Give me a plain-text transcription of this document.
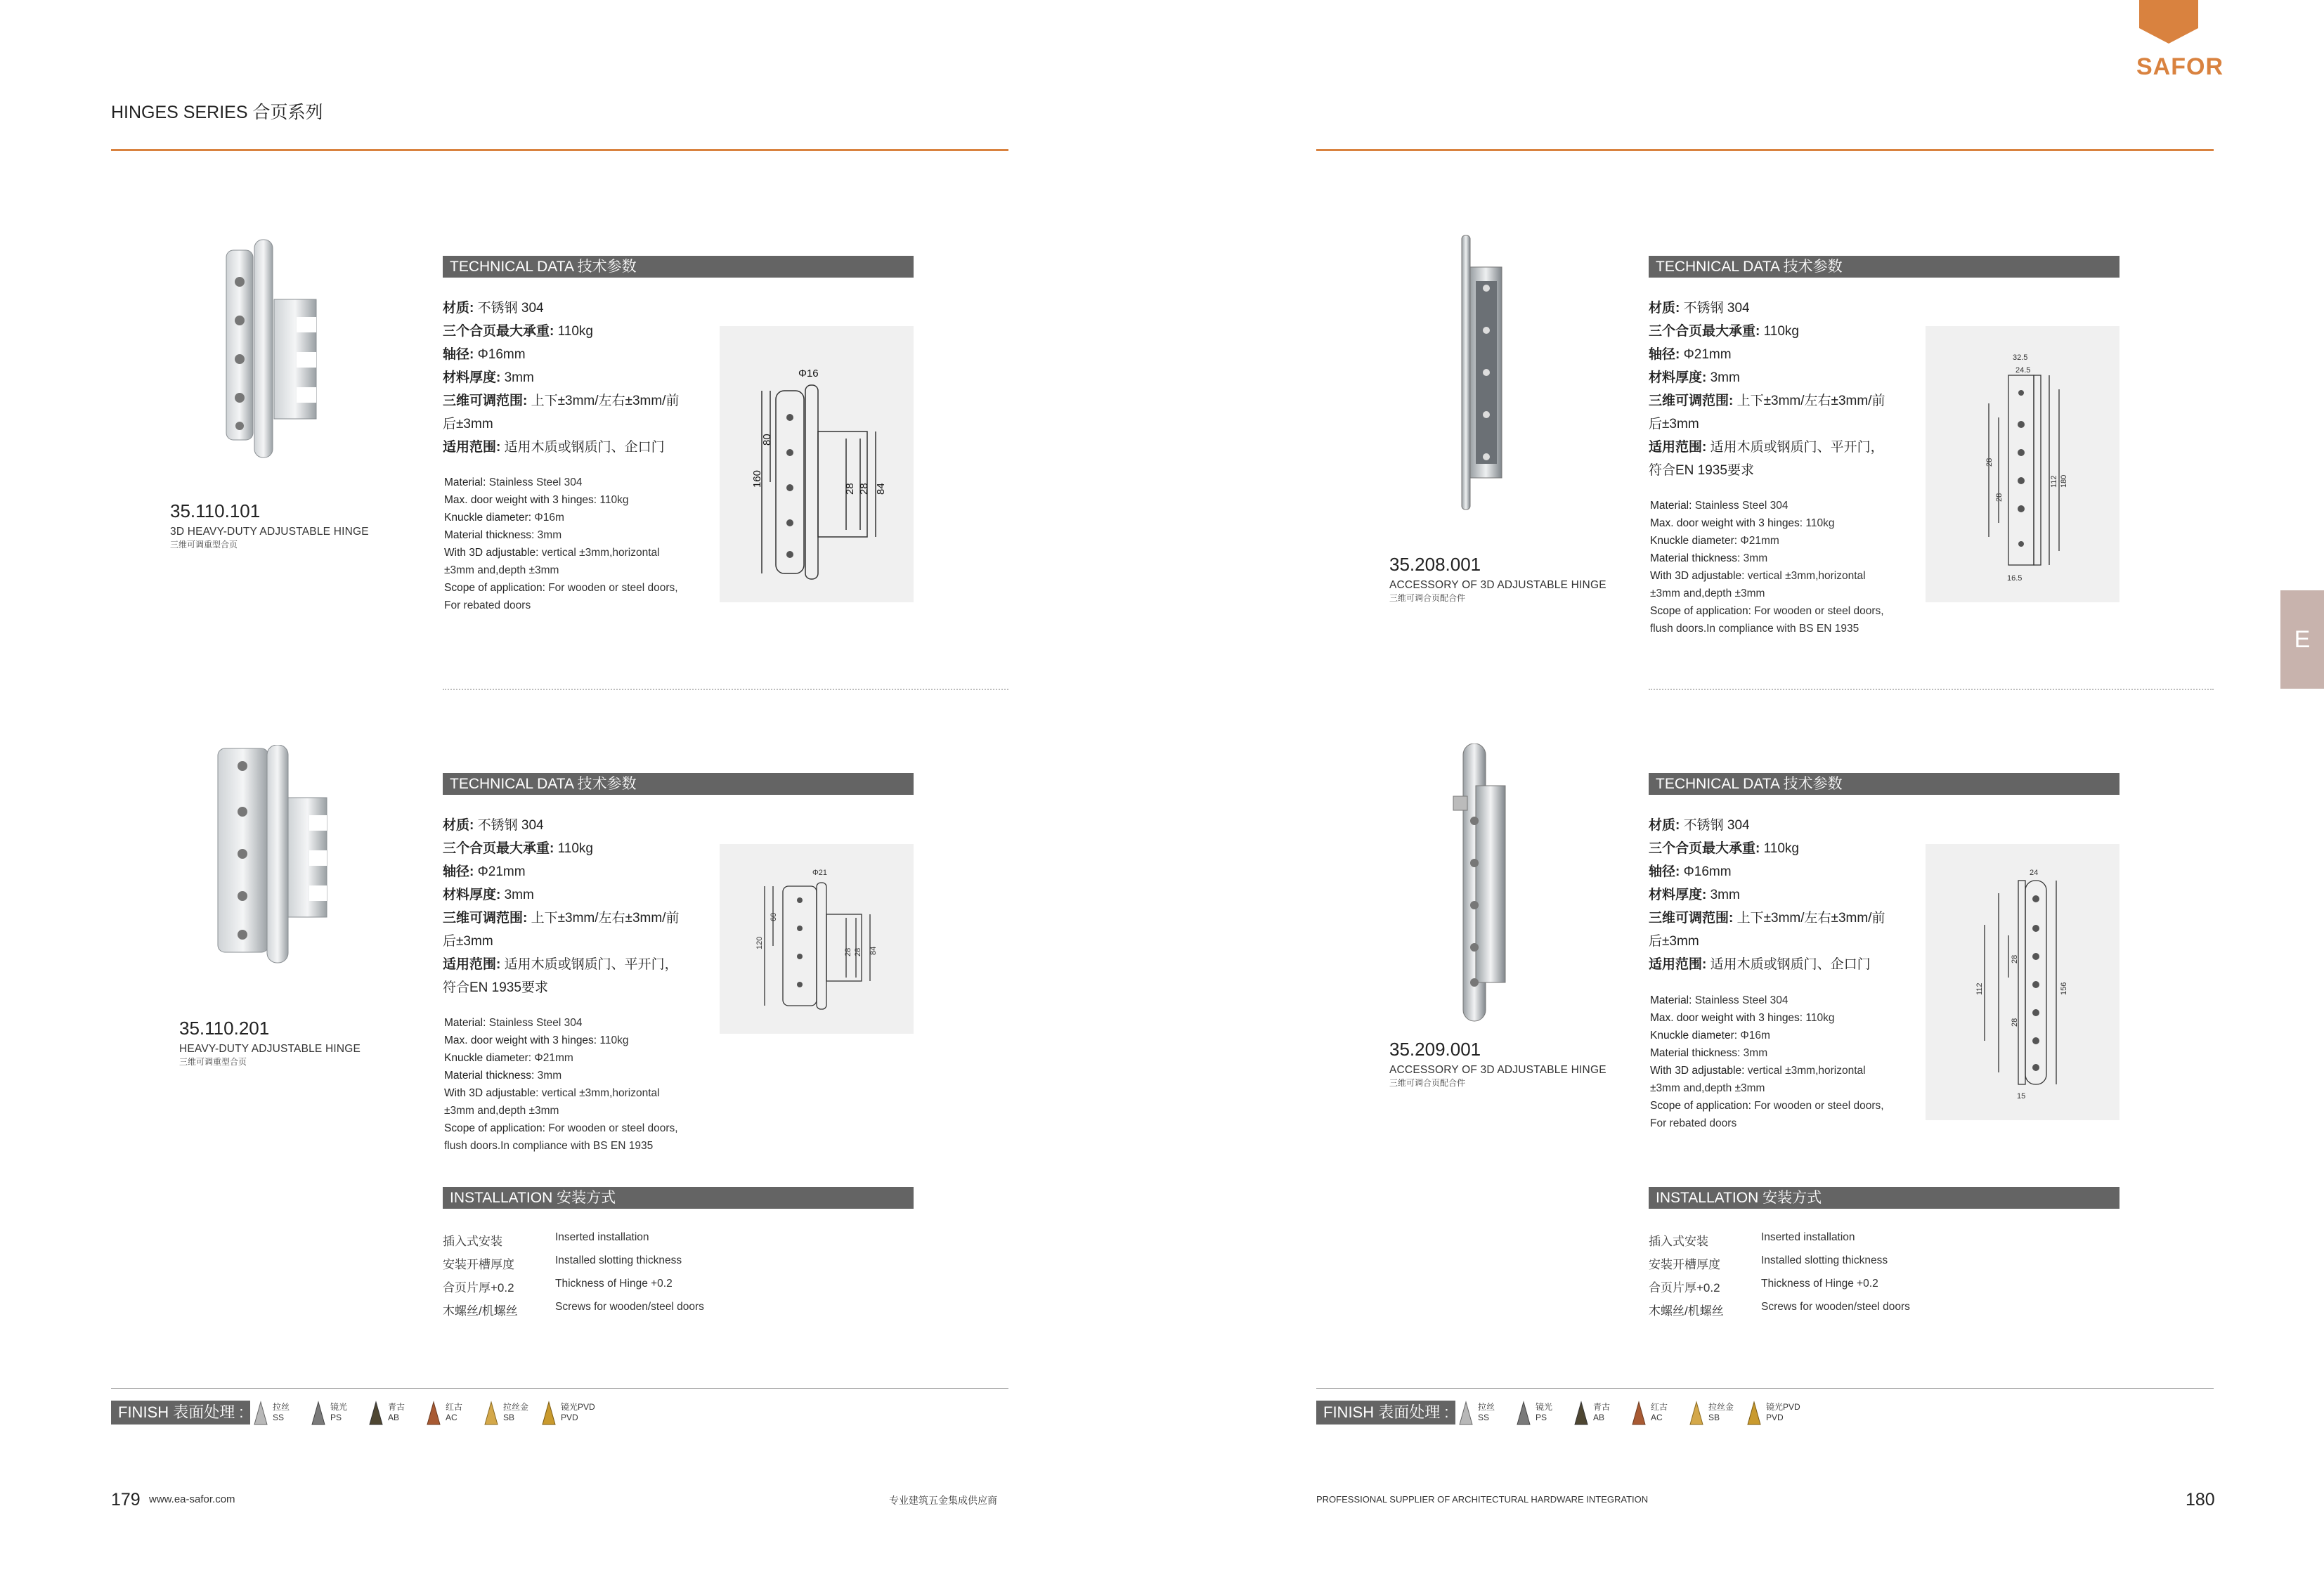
HINGES SERIES 合页系列
SAFOR
E
35.110.101
3D HEAVY-DUTY ADJUSTABLE HINGE
三维可调重型合页
TECHNICAL DATA 技术参数
材质: 不锈钢 304
三个合页最大承重: 110kg
轴径: Φ16mm
材料厚度: 3mm
三维可调范围: 上下±3mm/左右±3mm/前
后±3mm
适用范围: 适用木质或钢质门、企口门
Material: Stainless Steel 304
Max. door weight with 3 hinges: 110kg
Knuckle diameter: Φ16m
Material thickness: 3mm
With 3D adjustable: vertical ±3mm,horizontal
±3mm and,depth ±3mm
Scope of application: For wooden or steel doors,
For rebated doors
Φ16
80
160
28 28 84
35.110.201
HEAVY-DUTY ADJUSTABLE HINGE
三维可调重型合页
TECHNICAL DATA 技术参数
材质: 不锈钢 304
三个合页最大承重: 110kg
轴径: Φ21mm
材料厚度: 3mm
三维可调范围: 上下±3mm/左右±3mm/前
后±3mm
适用范围: 适用木质或钢质门、平开门，
符合EN 1935要求
Material: Stainless Steel 304
Max. door weight with 3 hinges: 110kg
Knuckle diameter: Φ21mm
Material thickness: 3mm
With 3D adjustable: vertical ±3mm,horizontal
±3mm and,depth ±3mm
Scope of application: For wooden or steel doors,
flush doors.In compliance with BS EN 1935
Φ21
60
120
28 28 84
35.208.001
ACCESSORY OF 3D ADJUSTABLE HINGE
三维可调合页配合件
TECHNICAL DATA 技术参数
材质: 不锈钢 304
三个合页最大承重: 110kg
轴径: Φ21mm
材料厚度: 3mm
三维可调范围: 上下±3mm/左右±3mm/前
后±3mm
适用范围: 适用木质或钢质门、平开门，
符合EN 1935要求
Material: Stainless Steel 304
Max. door weight with 3 hinges: 110kg
Knuckle diameter: Φ21mm
Material thickness: 3mm
With 3D adjustable: vertical ±3mm,horizontal
±3mm and,depth ±3mm
Scope of application: For wooden or steel doors,
flush doors.In compliance with BS EN 1935
32.5
24.5
28
28
112 180
16.5
35.209.001
ACCESSORY OF 3D ADJUSTABLE HINGE
三维可调合页配合件
TECHNICAL DATA 技术参数
材质: 不锈钢 304
三个合页最大承重: 110kg
轴径: Φ16mm
材料厚度: 3mm
三维可调范围: 上下±3mm/左右±3mm/前
后±3mm
适用范围: 适用木质或钢质门、企口门
Material: Stainless Steel 304
Max. door weight with 3 hinges: 110kg
Knuckle diameter: Φ16m
Material thickness: 3mm
With 3D adjustable: vertical ±3mm,horizontal
±3mm and,depth ±3mm
Scope of application: For wooden or steel doors,
For rebated doors
24
28
28
112	156
15
INSTALLATION 安装方式
插入式安装	Inserted installation
安装开槽厚度	Installed slotting thickness
合页片厚+0.2	Thickness of Hinge +0.2
木螺丝/机螺丝	Screws for wooden/steel doors
INSTALLATION 安装方式
插入式安装	Inserted installation
安装开槽厚度	Installed slotting thickness
合页片厚+0.2	Thickness of Hinge +0.2
木螺丝/机螺丝	Screws for wooden/steel doors
FINISH 表面处理 :	拉丝
SS
镜光
PS
青古
AB
红古
AC
拉丝金
SB
镜光PVD
PVD	FINISH 表面处理 :	拉丝
SS
镜光
PS
青古
AB
红古
AC
拉丝金
SB
镜光PVD
PVD
179 www.ea-safor.com	专业建筑五金集成供应商	PROFESSIONAL SUPPLIER OF ARCHITECTURAL HARDWARE INTEGRATION	180
